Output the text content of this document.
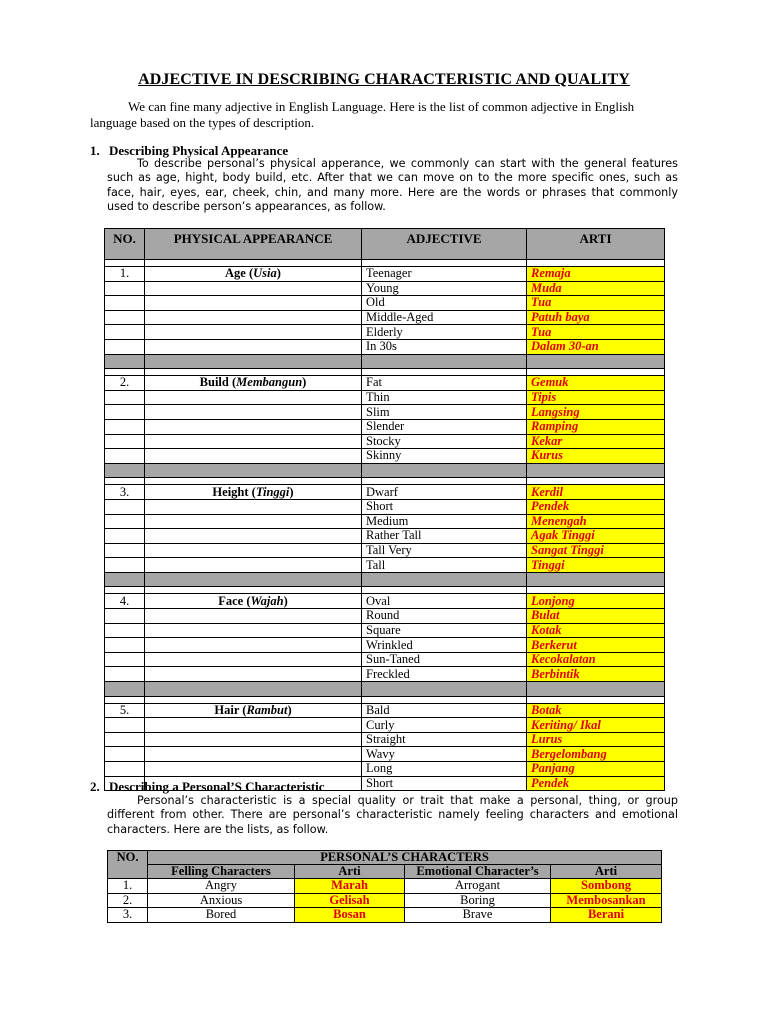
ADJECTIVE IN DESCRIBING CHARACTERISTIC AND QUALITY
We can fine many adjective in English Language. Here is the list of common adjective in English language based on the types of description.
1. Describing Physical Appearance
To describe personal’s physical apperance, we commonly can start with the general features such as age, hight, body build, etc. After that we can move on to the more specific ones, such as face, hair, eyes, ear, cheek, chin, and many more. Here are the words or phrases that commonly used to describe person’s appearances, as follow.
NO.	PHYSICAL APPEARANCE	ADJECTIVE	ARTI

1.	Age (Usia)	Teenager	Remaja
		Young	Muda
		Old	Tua
		Middle-Aged	Patuh baya
		Elderly	Tua
		In 30s	Dalam 30-an

2.	Build (Membangun)	Fat	Gemuk
		Thin	Tipis
		Slim	Langsing
		Slender	Ramping
		Stocky	Kekar
		Skinny	Kurus

3.	Height (Tinggi)	Dwarf	Kerdil
		Short	Pendek
		Medium	Menengah
		Rather Tall	Agak Tinggi
		Tall Very	Sangat Tinggi
		Tall	Tinggi

4.	Face (Wajah)	Oval	Lonjong
		Round	Bulat
		Square	Kotak
		Wrinkled	Berkerut
		Sun-Taned	Kecokalatan
		Freckled	Berbintik

5.	Hair (Rambut)	Bald	Botak
		Curly	Keriting/ Ikal
		Straight	Lurus
		Wavy	Bergelombang
		Long	Panjang
		Short	Pendek
2. Describing a Personal’S Characteristic
Personal’s characteristic is a special quality or trait that make a personal, thing, or group different from other. There are personal’s characteristic namely feeling characters and emotional characters. Here are the lists, as follow.
NO.	PERSONAL’S CHARACTERS			
	Felling Characters	Arti	Emotional Character’s	Arti
1.	Angry	Marah	Arrogant	Sombong
2.	Anxious	Gelisah	Boring	Membosankan
3.	Bored	Bosan	Brave	Berani
